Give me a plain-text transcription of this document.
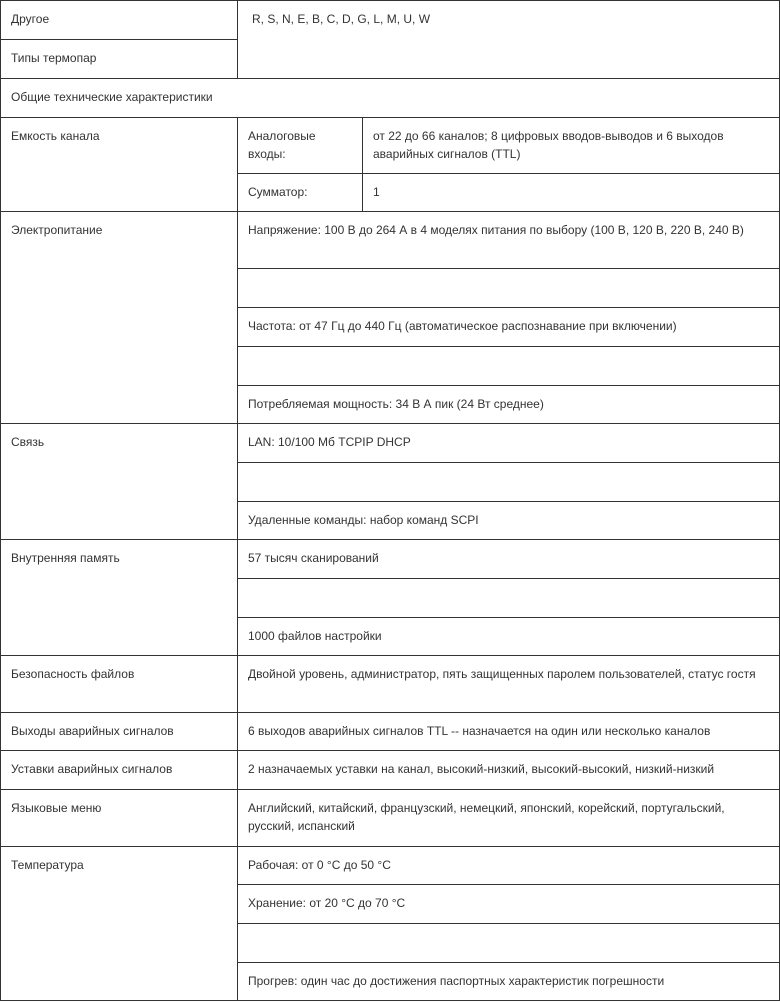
Другое	R, S, N, E, B, C, D, G, L, M, U, W	
Типы термопар		
Общие технические характеристики		
Емкость канала	Аналоговые входы:	от 22 до 66 каналов; 8 цифровых вводов-выводов и 6 выходов аварийных сигналов (TTL)
	Сумматор:	1
Электропитание	Напряжение: 100 В до 264 А в 4 моделях питания по выбору (100 В, 120 В, 220 В, 240 В)	

	Частота: от 47 Гц до 440 Гц (автоматическое распознавание при включении)	

	Потребляемая мощность: 34 В А пик (24 Вт среднее)	
Связь	LAN: 10/100 Мб TCPIP DHCP	

	Удаленные команды: набор команд SCPI	
Внутренняя память	57 тысяч сканирований	

	1000 файлов настройки	
Безопасность файлов	Двойной уровень, администратор, пять защищенных паролем пользователей, статус гостя	
Выходы аварийных сигналов	6 выходов аварийных сигналов TTL -- назначается на один или несколько каналов	
Уставки аварийных сигналов	2 назначаемых уставки на канал, высокий-низкий, высокий-высокий, низкий-низкий	
Языковые меню	Английский, китайский, французский, немецкий, японский, корейский, португальский, русский, испанский	
Температура	Рабочая: от 0 °C до 50 °C	
	Хранение: от 20 °C до 70 °C	

	Прогрев: один час до достижения паспортных характеристик погрешности	
